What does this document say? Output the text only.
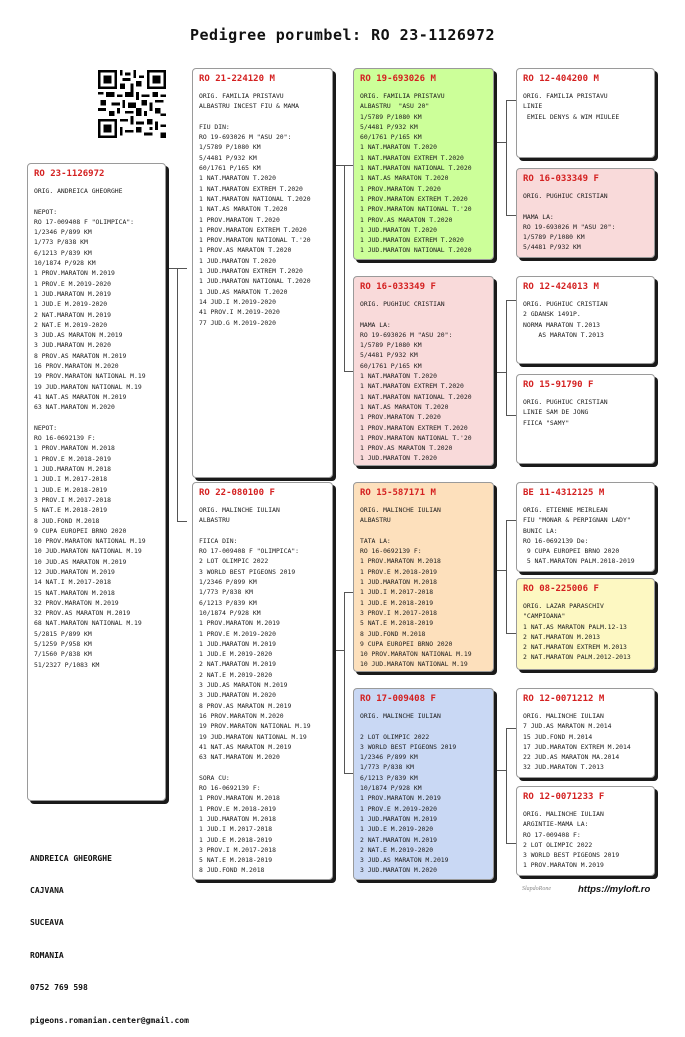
Pedigree porumbel: RO 23-1126972
RO 23-1126972
ORIG. ANDREICA GHEORGHE

NEPOT:
RO 17-009408 F "OLIMPICA":
1/2346 P/899 KM
1/773 P/838 KM
6/1213 P/839 KM
10/1874 P/928 KM
1 PROV.MARATON M.2019
1 PROV.E M.2019-2020
1 JUD.MARATON M.2019
1 JUD.E M.2019-2020
2 NAT.MARATON M.2019
2 NAT.E M.2019-2020
3 JUD.AS MARATON M.2019
3 JUD.MARATON M.2020
8 PROV.AS MARATON M.2019
16 PROV.MARATON M.2020
19 PROV.MARATON NATIONAL M.19
19 JUD.MARATON NATIONAL M.19
41 NAT.AS MARATON M.2019
63 NAT.MARATON M.2020

NEPOT:
RO 16-0692139 F:
1 PROV.MARATON M.2018
1 PROV.E M.2018-2019
1 JUD.MARATON M.2018
1 JUD.I M.2017-2018
1 JUD.E M.2018-2019
3 PROV.I M.2017-2018
5 NAT.E M.2018-2019
8 JUD.FOND M.2018
9 CUPA EUROPEI BRNO 2020
10 PROV.MARATON NATIONAL M.19
10 JUD.MARATON NATIONAL M.19
10 JUD.AS MARATON M.2019
12 JUD.MARATON M.2019
14 NAT.I M.2017-2018
15 NAT.MARATON M.2018
32 PROV.MARATON M.2019
32 PROV.AS MARATON M.2019
68 NAT.MARATON NATIONAL M.19
5/2815 P/899 KM
5/1259 P/958 KM
7/1560 P/838 KM
51/2327 P/1083 KM
RO 21-224120 M
ORIG. FAMILIA PRISTAVU
ALBASTRU INCEST FIU & MAMA

FIU DIN:
RO 19-693026 M "ASU 20":
1/5789 P/1080 KM
5/4481 P/932 KM
60/1761 P/165 KM
1 NAT.MARATON T.2020
1 NAT.MARATON EXTREM T.2020
1 NAT.MARATON NATIONAL T.2020
1 NAT.AS MARATON T.2020
1 PROV.MARATON T.2020
1 PROV.MARATON EXTREM T.2020
1 PROV.MARATON NATIONAL T.'20
1 PROV.AS MARATON T.2020
1 JUD.MARATON T.2020
1 JUD.MARATON EXTREM T.2020
1 JUD.MARATON NATIONAL T.2020
1 JUD.AS MARATON T.2020
14 JUD.I M.2019-2020
41 PROV.I M.2019-2020
77 JUD.G M.2019-2020
RO 22-080100 F
ORIG. MALINCHE IULIAN
ALBASTRU

FIICA DIN:
RO 17-009408 F "OLIMPICA":
2 LOT OLIMPIC 2022
3 WORLD BEST PIGEONS 2019
1/2346 P/899 KM
1/773 P/838 KM
6/1213 P/839 KM
10/1874 P/928 KM
1 PROV.MARATON M.2019
1 PROV.E M.2019-2020
1 JUD.MARATON M.2019
1 JUD.E M.2019-2020
2 NAT.MARATON M.2019
2 NAT.E M.2019-2020
3 JUD.AS MARATON M.2019
3 JUD.MARATON M.2020
8 PROV.AS MARATON M.2019
16 PROV.MARATON M.2020
19 PROV.MARATON NATIONAL M.19
19 JUD.MARATON NATIONAL M.19
41 NAT.AS MARATON M.2019
63 NAT.MARATON M.2020

SORA CU:
RO 16-0692139 F:
1 PROV.MARATON M.2018
1 PROV.E M.2018-2019
1 JUD.MARATON M.2018
1 JUD.I M.2017-2018
1 JUD.E M.2018-2019
3 PROV.I M.2017-2018
5 NAT.E M.2018-2019
8 JUD.FOND M.2018
RO 19-693026 M
ORIG. FAMILIA PRISTAVU
ALBASTRU  "ASU 20"
1/5789 P/1080 KM
5/4481 P/932 KM
60/1761 P/165 KM
1 NAT.MARATON T.2020
1 NAT.MARATON EXTREM T.2020
1 NAT.MARATON NATIONAL T.2020
1 NAT.AS MARATON T.2020
1 PROV.MARATON T.2020
1 PROV.MARATON EXTREM T.2020
1 PROV.MARATON NATIONAL T.'20
1 PROV.AS MARATON T.2020
1 JUD.MARATON T.2020
1 JUD.MARATON EXTREM T.2020
1 JUD.MARATON NATIONAL T.2020
RO 16-033349 F
ORIG. PUGHIUC CRISTIAN

MAMA LA:
RO 19-693026 M "ASU 20":
1/5789 P/1080 KM
5/4481 P/932 KM
60/1761 P/165 KM
1 NAT.MARATON T.2020
1 NAT.MARATON EXTREM T.2020
1 NAT.MARATON NATIONAL T.2020
1 NAT.AS MARATON T.2020
1 PROV.MARATON T.2020
1 PROV.MARATON EXTREM T.2020
1 PROV.MARATON NATIONAL T.'20
1 PROV.AS MARATON T.2020
1 JUD.MARATON T.2020
RO 15-587171 M
ORIG. MALINCHE IULIAN
ALBASTRU

TATA LA:
RO 16-0692139 F:
1 PROV.MARATON M.2018
1 PROV.E M.2018-2019
1 JUD.MARATON M.2018
1 JUD.I M.2017-2018
1 JUD.E M.2018-2019
3 PROV.I M.2017-2018
5 NAT.E M.2018-2019
8 JUD.FOND M.2018
9 CUPA EUROPEI BRNO 2020
10 PROV.MARATON NATIONAL M.19
10 JUD.MARATON NATIONAL M.19
RO 17-009408 F
ORIG. MALINCHE IULIAN

2 LOT OLIMPIC 2022
3 WORLD BEST PIGEONS 2019
1/2346 P/899 KM
1/773 P/838 KM
6/1213 P/839 KM
10/1874 P/928 KM
1 PROV.MARATON M.2019
1 PROV.E M.2019-2020
1 JUD.MARATON M.2019
1 JUD.E M.2019-2020
2 NAT.MARATON M.2019
2 NAT.E M.2019-2020
3 JUD.AS MARATON M.2019
3 JUD.MARATON M.2020
RO 12-404200 M
ORIG. FAMILIA PRISTAVU
LINIE
EMIEL DENYS & WIM MIULEE
RO 16-033349 F
ORIG. PUGHIUC CRISTIAN

MAMA LA:
RO 19-693026 M "ASU 20":
1/5789 P/1080 KM
5/4481 P/932 KM
RO 12-424013 M
ORIG. PUGHIUC CRISTIAN
2 GDANSK 1491P.
NORMA MARATON T.2013
AS MARATON T.2013
RO 15-91790 F
ORIG. PUGHIUC CRISTIAN
LINIE SAM DE JONG
FIICA "SAMY"
BE 11-4312125 M
ORIG. ETIENNE MEIRLEAN
FIU "MONAR & PERPIGNAN LADY"
BUNIC LA:
RO 16-0692139 De:
9 CUPA EUROPEI BRNO 2020
5 NAT.MARATON PALM.2018-2019
RO 08-225006 F
ORIG. LAZAR PARASCHIV
"CAMPIOANA"
1 NAT.AS MARATON PALM.12-13
2 NAT.MARATON M.2013
2 NAT.MARATON EXTREM M.2013
2 NAT.MARATON PALM.2012-2013
RO 12-0071212 M
ORIG. MALINCHE IULIAN
7 JUD.AS MARATON M.2014
15 JUD.FOND M.2014
17 JUD.MARATON EXTREM M.2014
22 JUD.AS MARATON MA.2014
32 JUD.MARATON T.2013
RO 12-0071233 F
ORIG. MALINCHE IULIAN
ARGINTIE-MAMA LA:
RO 17-009408 F:
2 LOT OLIMPIC 2022
3 WORLD BEST PIGEONS 2019
1 PROV.MARATON M.2019

ANDREICA GHEORGHE

CAJVANA

SUCEAVA

ROMANIA

0752 769 598

pigeons.romanian.center@gmail.com

SlapdoRone	https://myloft.ro
